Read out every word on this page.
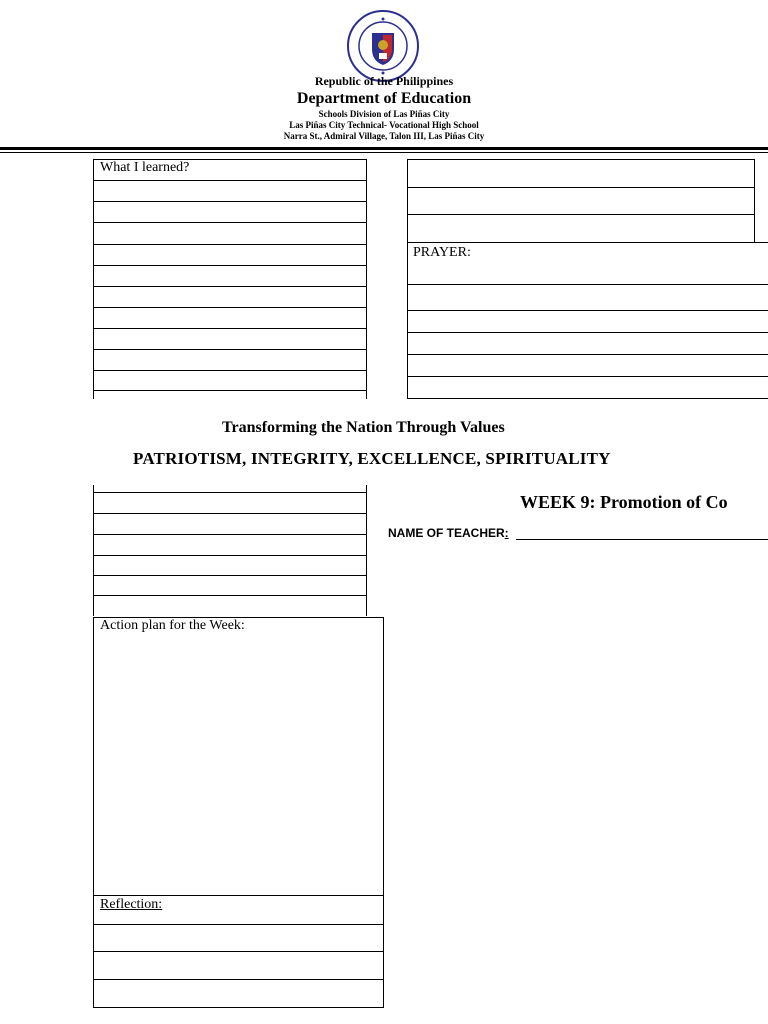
Republic of the Philippines
Department of Education
Schools Division of Las Piñas City
Las Piñas City Technical- Vocational High School
Narra St., Admiral Village, Talon III, Las Piñas City
What I learned?
PRAYER:
Transforming the Nation Through Values
PATRIOTISM, INTEGRITY, EXCELLENCE, SPIRITUALITY
WEEK 9: Promotion of Co
NAME OF TEACHER:
Action plan for the Week:
Reflection:
